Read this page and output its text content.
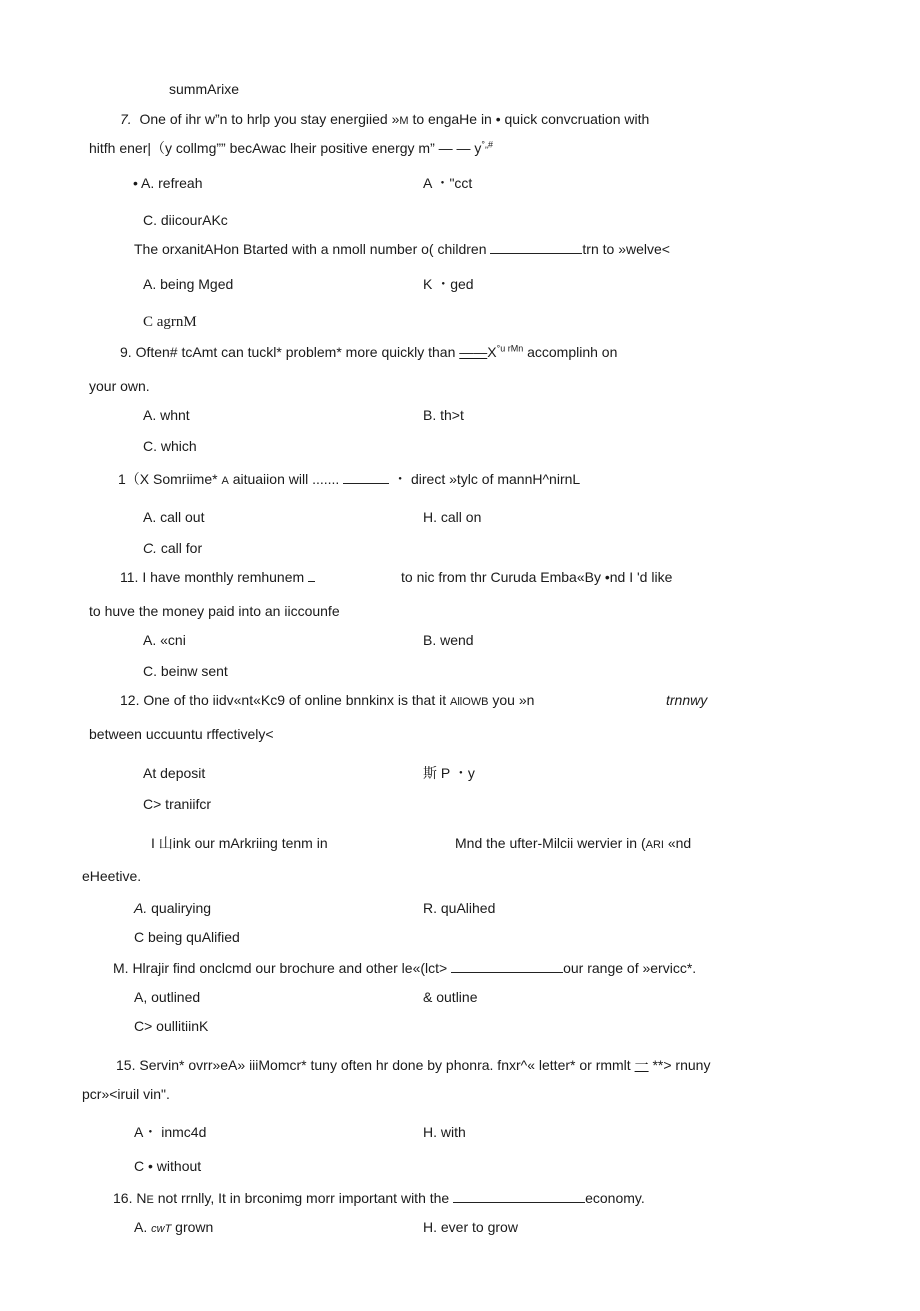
summArixe
7. One of ihr w”n to hrlp you stay energiied »M to engaHe in • quick convcruation with
hitfh ener|（y collmg”” becAwac lheir positive energy m” — — y°„#
• A. refreah	A ・"cct
C. diicourAKc
The orxanitAHon Btarted with a nmoll number o( children	trn to »welve<
A. being Mged	K ・ged
C agrnM
9. Often# tcAmt can tuckl* problem* more quickly than $——X^{^\circ u rMn}$ accomplinh on
your own.
A. whnt	B. th>t
C. which
1（X Somriime* A aituaiion will .......	・ direct »tylc of mannH^nirnL
A. call out	H. call on
C. call for
11. I have monthly remhunem	to nic from thr Curuda Emba«By •nd I 'd like
to huve the money paid into an iiccounfe
A. «cni	B. wend
C. beinw sent
12. One of tho iidv«nt«Kc9 of online bnnkinx is that it AllOWB you »n	trnnwy
between uccuuntu rffectively<
At deposit	斯 P ・y
C> traniifcr
I 山ink our mArkriing tenm in	Mnd the ufter-Milcii wervier in (ARI «nd
eHeetive.
A. qualirying	R. quAlihed
C being quAlified
M. Hlrajir find onclcmd our brochure and other le«(lct>	our range of »ervicc*.
A, outlined	& outline
C> oullitiinK
15. Servin* ovrr»eA» iiiMomcr* tuny often hr done by phonra. fnxr^« letter* or rmmlt 一 **> rnuny
pcr»<iruil vin".
A・ inmc4d	H. with
C • without
16. NE not rrnlly, It in brconimg morr important with the	economy.
A. cwT grown	H. ever to grow
